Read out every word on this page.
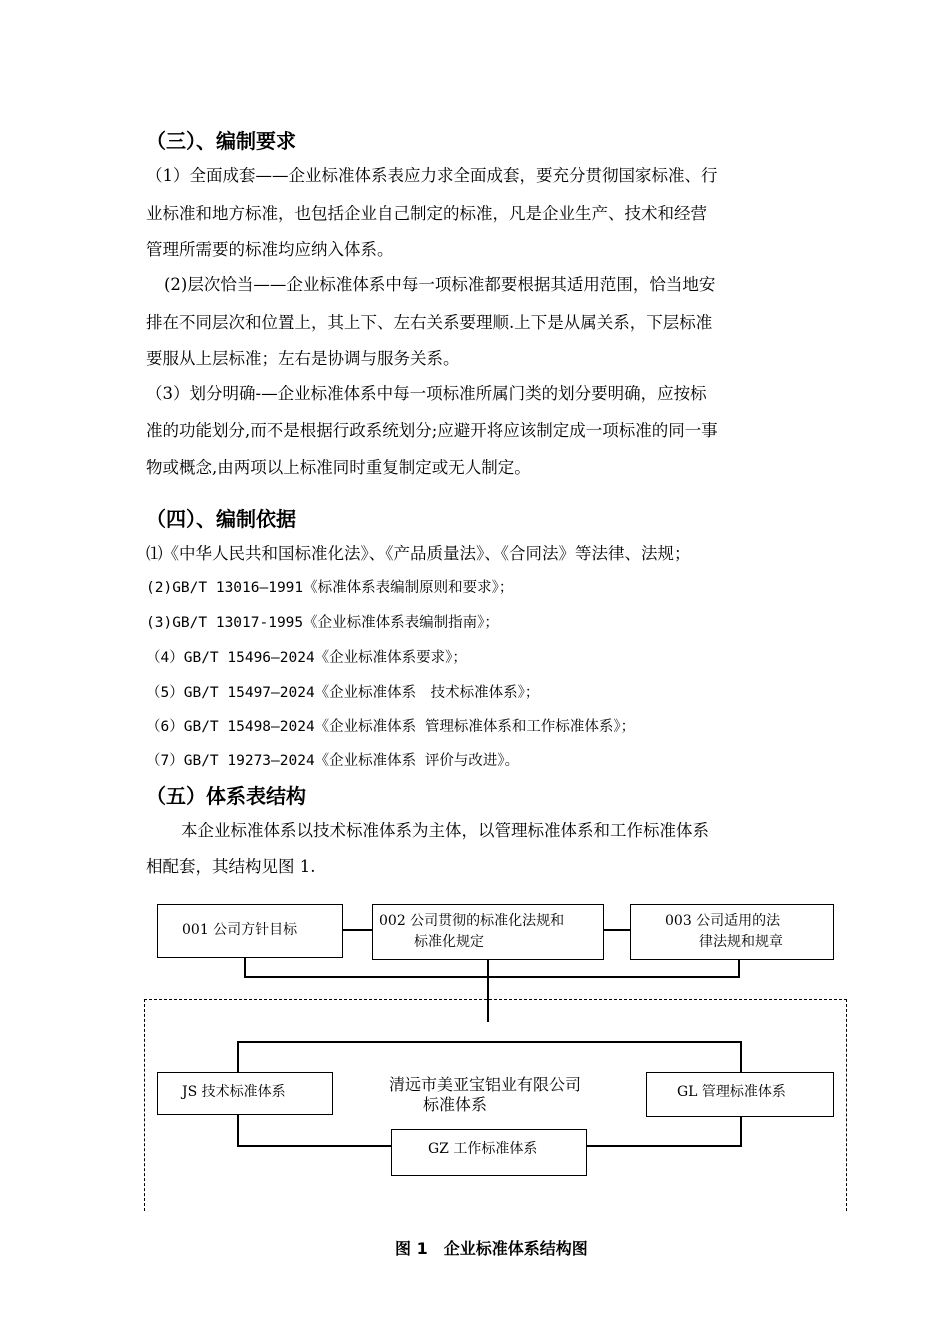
（三）、编制要求
（1）全面成套——企业标准体系表应力求全面成套，要充分贯彻国家标准、行
业标准和地方标准，也包括企业自己制定的标准，凡是企业生产、技术和经营
管理所需要的标准均应纳入体系。
(2)层次恰当——企业标准体系中每一项标准都要根据其适用范围，恰当地安
排在不同层次和位置上，其上下、左右关系要理顺.上下是从属关系，下层标准
要服从上层标准；左右是协调与服务关系。
（3）划分明确-—企业标准体系中每一项标准所属门类的划分要明确，应按标
准的功能划分,而不是根据行政系统划分;应避开将应该制定成一项标准的同一事
物或概念,由两项以上标准同时重复制定或无人制定。
（四）、编制依据
⑴《中华人民共和国标准化法》、《产品质量法》、《合同法》等法律、法规；
(2)GB/T 13016—1991《标准体系表编制原则和要求》；
(3)GB/T 13017-1995《企业标准体系表编制指南》；
（4）GB/T 15496—2024《企业标准体系要求》；
（5）GB/T 15497—2024《企业标准体系　技术标准体系》；
（6）GB/T 15498—2024《企业标准体系 管理标准体系和工作标准体系》；
（7）GB/T 19273—2024《企业标准体系 评价与改进》。
（五）体系表结构
本企业标准体系以技术标准体系为主体，以管理标准体系和工作标准体系
相配套，其结构见图 1.
001 公司方针目标
002 公司贯彻的标准化法规和
标准化规定
003 公司适用的法
律法规和规章
清远市美亚宝铝业有限公司
标准体系
JS 技术标准体系	GL 管理标准体系
GZ 工作标准体系
图 1　企业标准体系结构图
